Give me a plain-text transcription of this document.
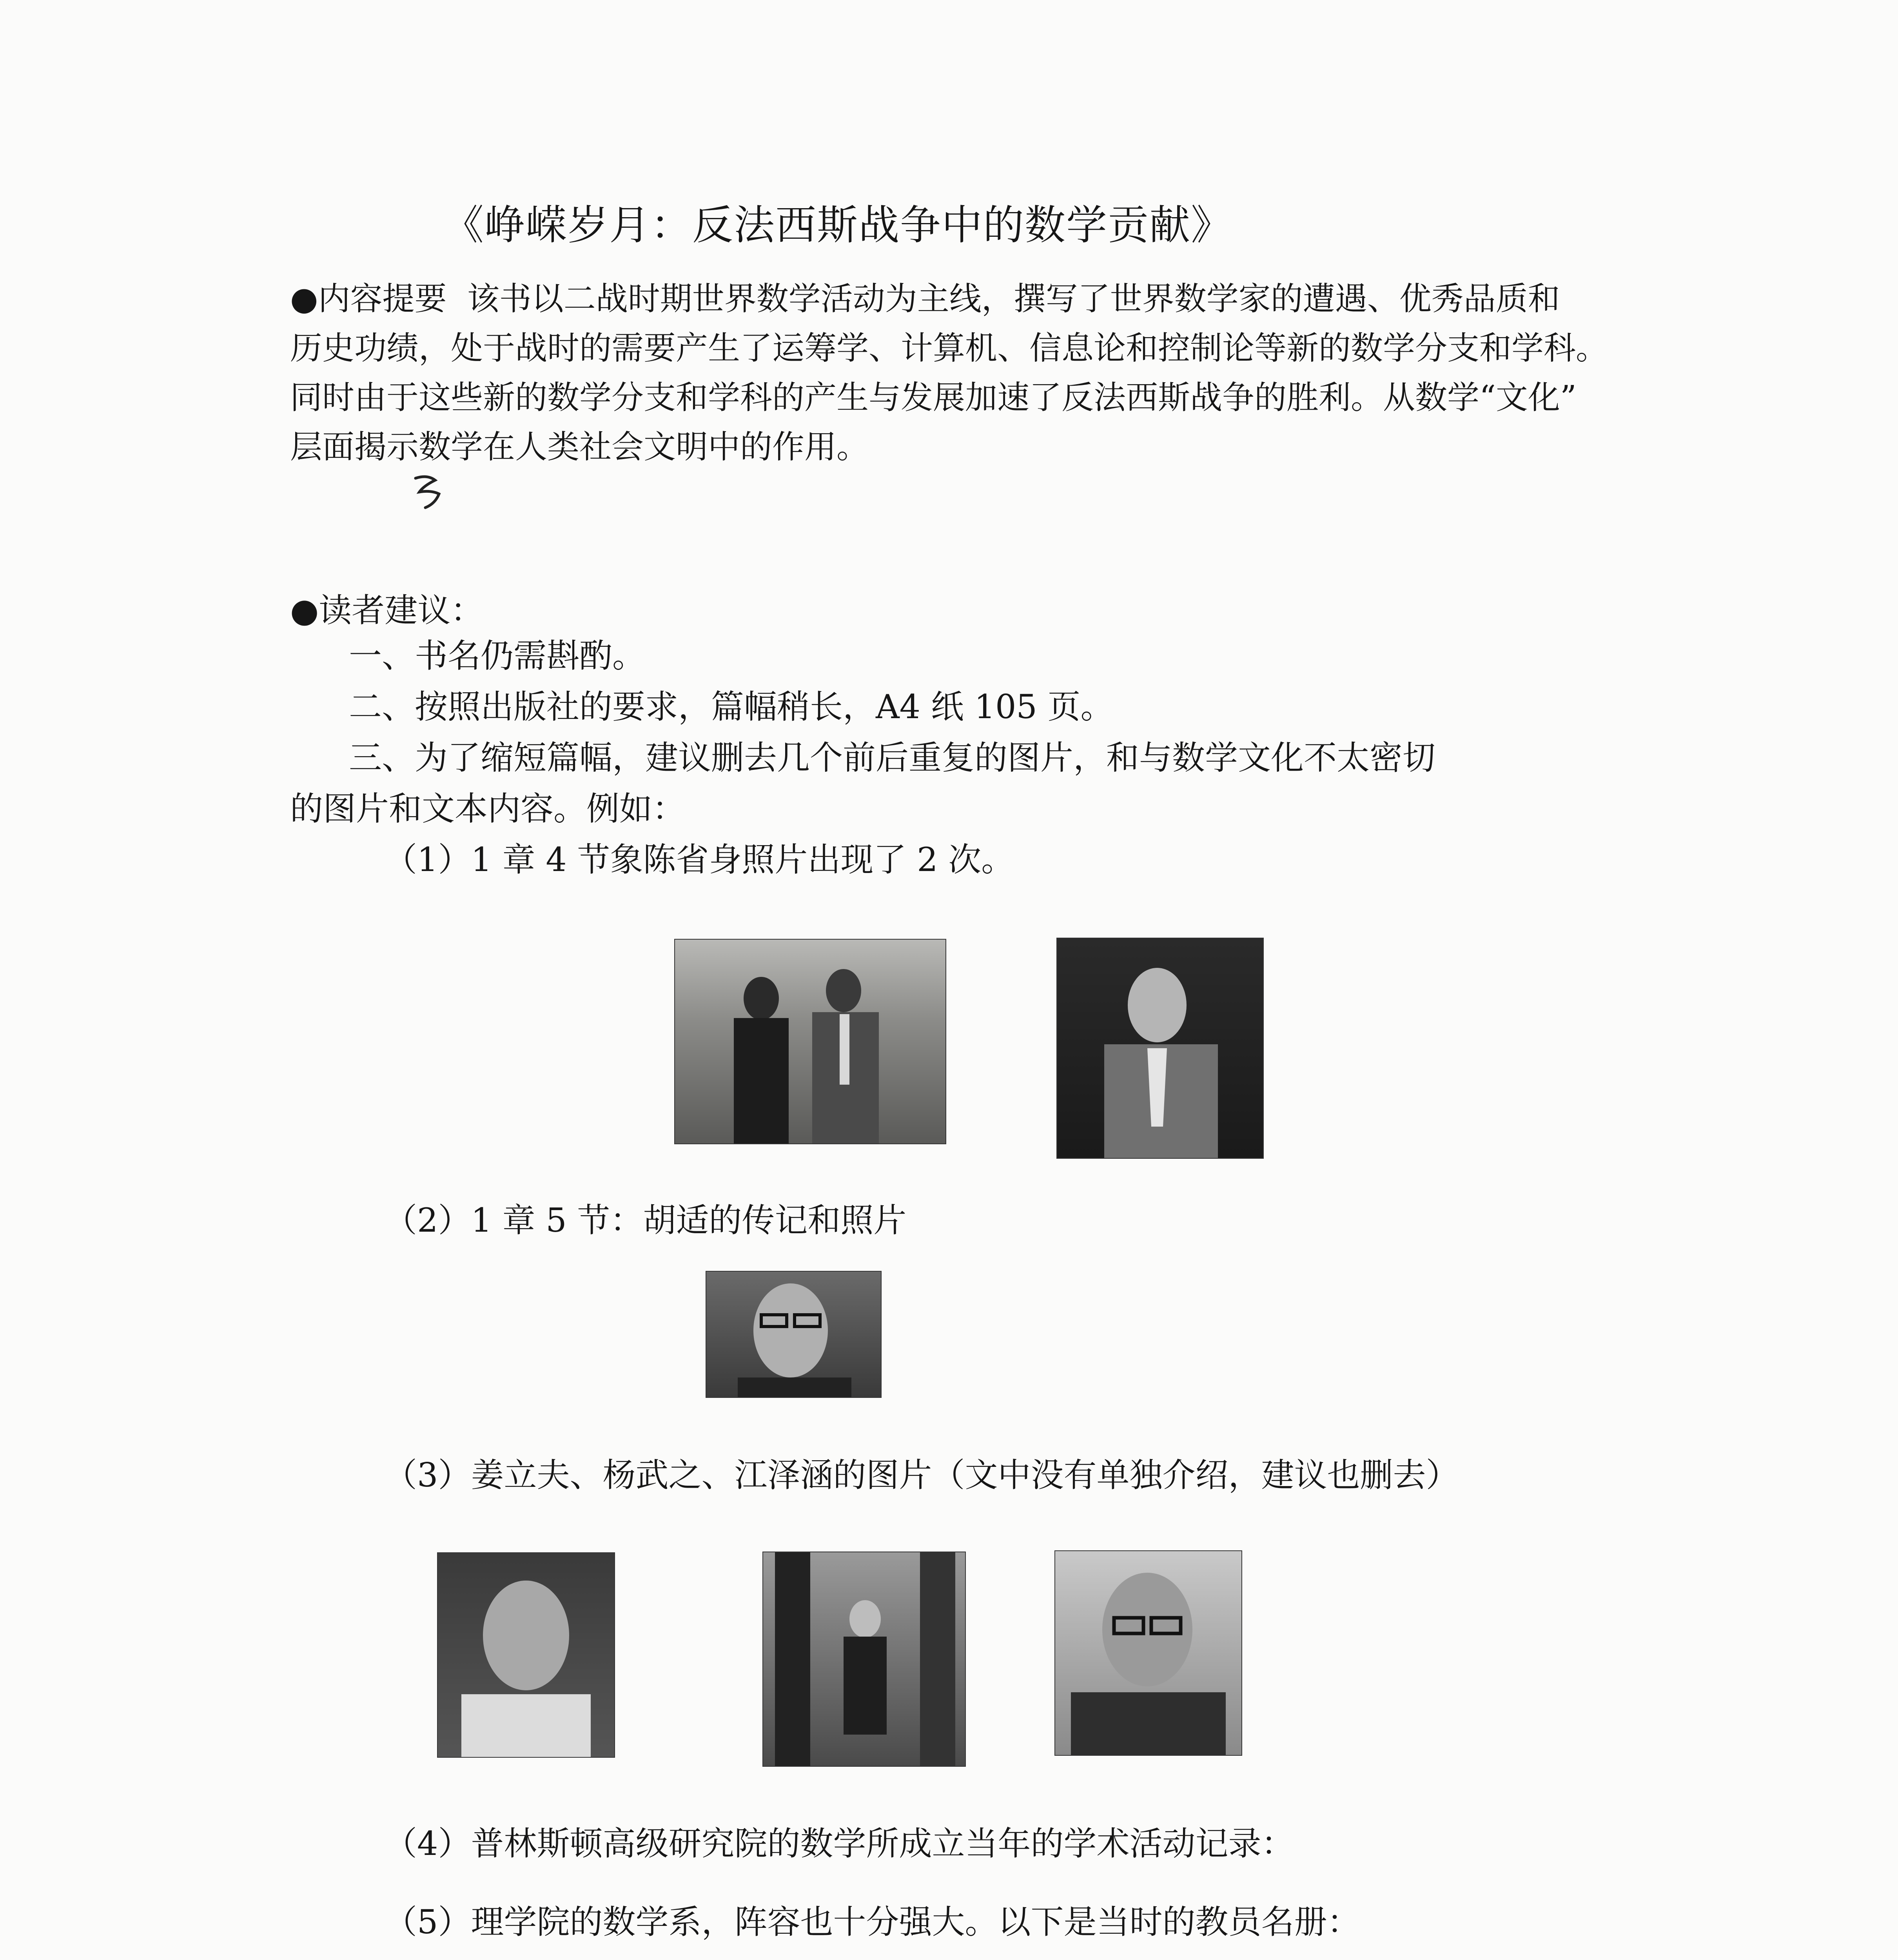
《峥嵘岁月：反法西斯战争中的数学贡献》

●内容提要 该书以二战时期世界数学活动为主线，撰写了世界数学家的遭遇、优秀品质和

历史功绩，处于战时的需要产生了运筹学、计算机、信息论和控制论等新的数学分支和学科。

同时由于这些新的数学分支和学科的产生与发展加速了反法西斯战争的胜利。从数学“文化”

层面揭示数学在人类社会文明中的作用。

●读者建议：
一、书名仍需斟酌。
二、按照出版社的要求，篇幅稍长，A4 纸 105 页。
三、为了缩短篇幅，建议删去几个前后重复的图片，和与数学文化不太密切
的图片和文本内容。例如：
（1）1 章 4 节象陈省身照片出现了 2 次。
（2）1 章 5 节：胡适的传记和照片
（3）姜立夫、杨武之、江泽涵的图片（文中没有单独介绍，建议也删去）
（4）普林斯顿高级研究院的数学所成立当年的学术活动记录：
（5）理学院的数学系，阵容也十分强大。以下是当时的教员名册：
